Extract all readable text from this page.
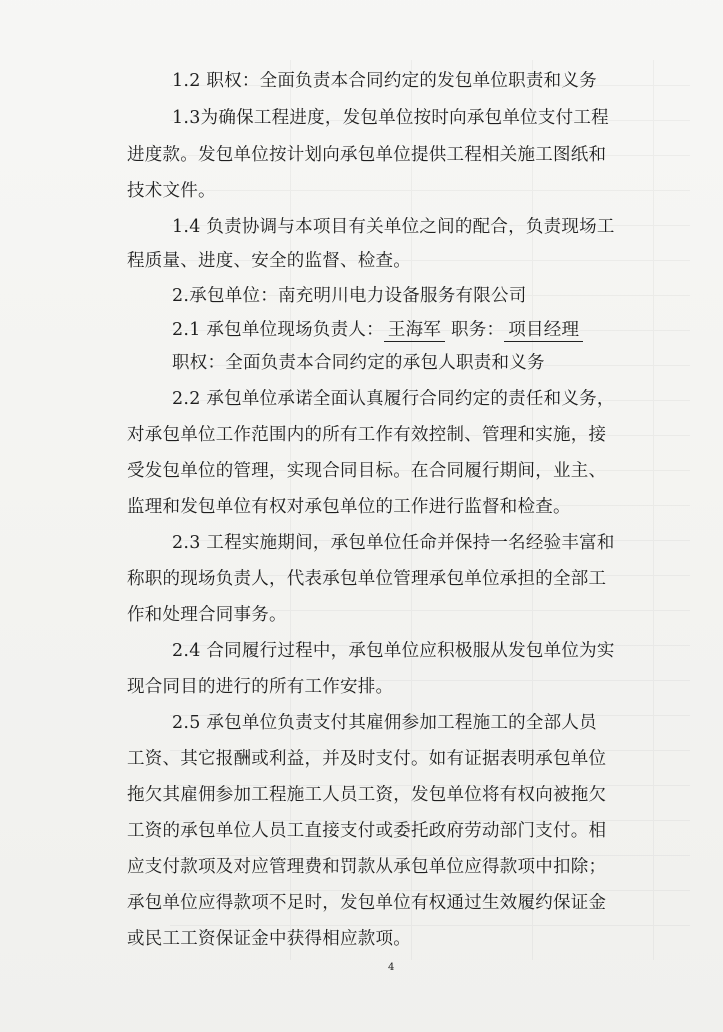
1.2 职权：全面负责本合同约定的发包单位职责和义务
1.3为确保工程进度，发包单位按时向承包单位支付工程
进度款。发包单位按计划向承包单位提供工程相关施工图纸和
技术文件。
1.4 负责协调与本项目有关单位之间的配合，负责现场工
程质量、进度、安全的监督、检查。
2.承包单位：南充明川电力设备服务有限公司
2.1 承包单位现场负责人： 王海军 职务： 项目经理
职权：全面负责本合同约定的承包人职责和义务
2.2 承包单位承诺全面认真履行合同约定的责任和义务，
对承包单位工作范围内的所有工作有效控制、管理和实施，接
受发包单位的管理，实现合同目标。在合同履行期间，业主、
监理和发包单位有权对承包单位的工作进行监督和检查。
2.3 工程实施期间，承包单位任命并保持一名经验丰富和
称职的现场负责人，代表承包单位管理承包单位承担的全部工
作和处理合同事务。
2.4 合同履行过程中，承包单位应积极服从发包单位为实
现合同目的进行的所有工作安排。
2.5 承包单位负责支付其雇佣参加工程施工的全部人员
工资、其它报酬或利益，并及时支付。如有证据表明承包单位
拖欠其雇佣参加工程施工人员工资，发包单位将有权向被拖欠
工资的承包单位人员工直接支付或委托政府劳动部门支付。相
应支付款项及对应管理费和罚款从承包单位应得款项中扣除；
承包单位应得款项不足时，发包单位有权通过生效履约保证金
或民工工资保证金中获得相应款项。
4
